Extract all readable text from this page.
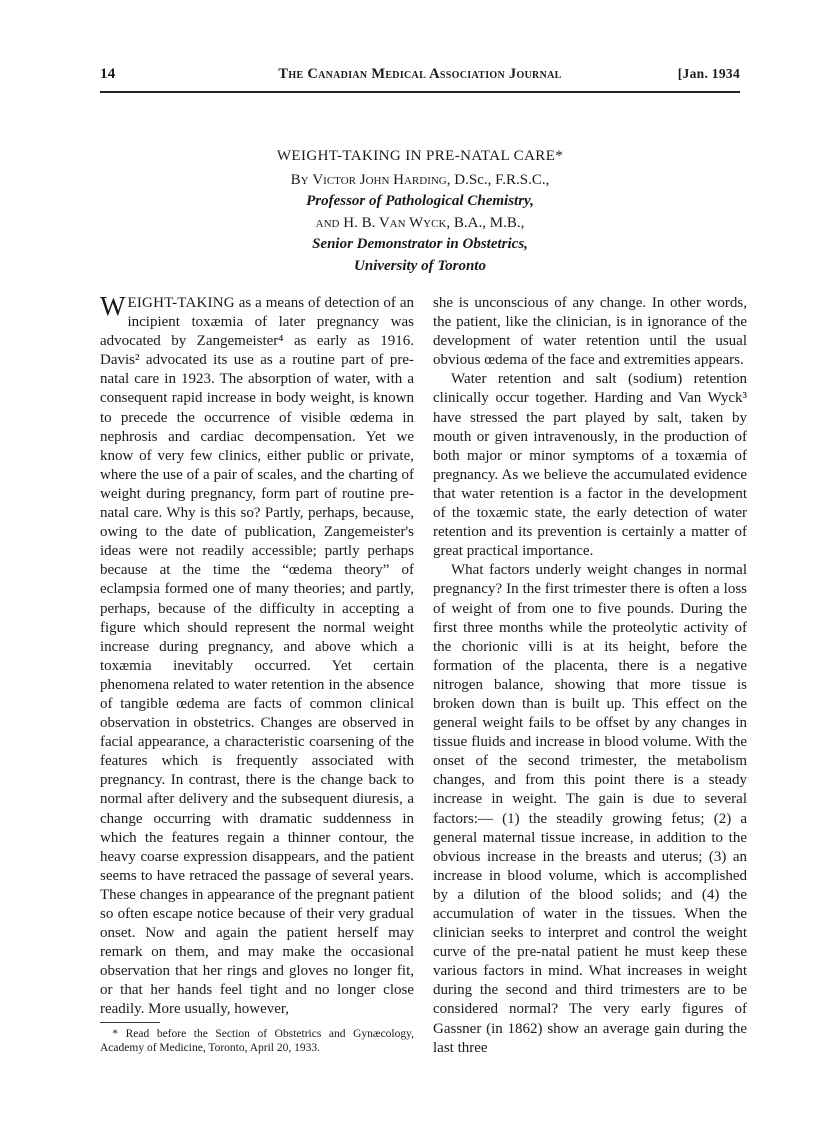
14	The Canadian Medical Association Journal	[Jan. 1934
WEIGHT-TAKING IN PRE-NATAL CARE*
By Victor John Harding, D.Sc., F.R.S.C.,
Professor of Pathological Chemistry,
and H. B. Van Wyck, B.A., M.B.,
Senior Demonstrator in Obstetrics,
University of Toronto

WEIGHT-TAKING as a means of detection of an incipient toxæmia of later pregnancy was advocated by Zangemeister⁴ as early as 1916. Davis² advocated its use as a routine part of pre-natal care in 1923. The absorption of water, with a consequent rapid increase in body weight, is known to precede the occurrence of visible œdema in nephrosis and cardiac decompensation. Yet we know of very few clinics, either public or private, where the use of a pair of scales, and the charting of weight during pregnancy, form part of routine pre-natal care. Why is this so? Partly, perhaps, because, owing to the date of publication, Zangemeister's ideas were not readily accessible; partly perhaps because at the time the “œdema theory” of eclampsia formed one of many theories; and partly, perhaps, because of the difficulty in accepting a figure which should represent the normal weight increase during pregnancy, and above which a toxæmia inevitably occurred. Yet certain phenomena related to water retention in the absence of tangible œdema are facts of common clinical observation in obstetrics. Changes are observed in facial appearance, a characteristic coarsening of the features which is frequently associated with pregnancy. In contrast, there is the change back to normal after delivery and the subsequent diuresis, a change occurring with dramatic suddenness in which the features regain a thinner contour, the heavy coarse expression disappears, and the patient seems to have retraced the passage of several years. These changes in appearance of the pregnant patient so often escape notice because of their very gradual onset. Now and again the patient herself may remark on them, and may make the occasional observation that her rings and gloves no longer fit, or that her hands feel tight and no longer close readily. More usually, however,

she is unconscious of any change. In other words, the patient, like the clinician, is in ignorance of the development of water retention until the usual obvious œdema of the face and extremities appears.

Water retention and salt (sodium) retention clinically occur together. Harding and Van Wyck³ have stressed the part played by salt, taken by mouth or given intravenously, in the production of both major or minor symptoms of a toxæmia of pregnancy. As we believe the accumulated evidence that water retention is a factor in the development of the toxæmic state, the early detection of water retention and its prevention is certainly a matter of great practical importance.

What factors underly weight changes in normal pregnancy? In the first trimester there is often a loss of weight of from one to five pounds. During the first three months while the proteolytic activity of the chorionic villi is at its height, before the formation of the placenta, there is a negative nitrogen balance, showing that more tissue is broken down than is built up. This effect on the general weight fails to be offset by any changes in tissue fluids and increase in blood volume. With the onset of the second trimester, the metabolism changes, and from this point there is a steady increase in weight. The gain is due to several factors:— (1) the steadily growing fetus; (2) a general maternal tissue increase, in addition to the obvious increase in the breasts and uterus; (3) an increase in blood volume, which is accomplished by a dilution of the blood solids; and (4) the accumulation of water in the tissues. When the clinician seeks to interpret and control the weight curve of the pre-natal patient he must keep these various factors in mind. What increases in weight during the second and third trimesters are to be considered normal? The very early figures of Gassner (in 1862) show an average gain during the last three

* Read before the Section of Obstetrics and Gynæcology, Academy of Medicine, Toronto, April 20, 1933.
